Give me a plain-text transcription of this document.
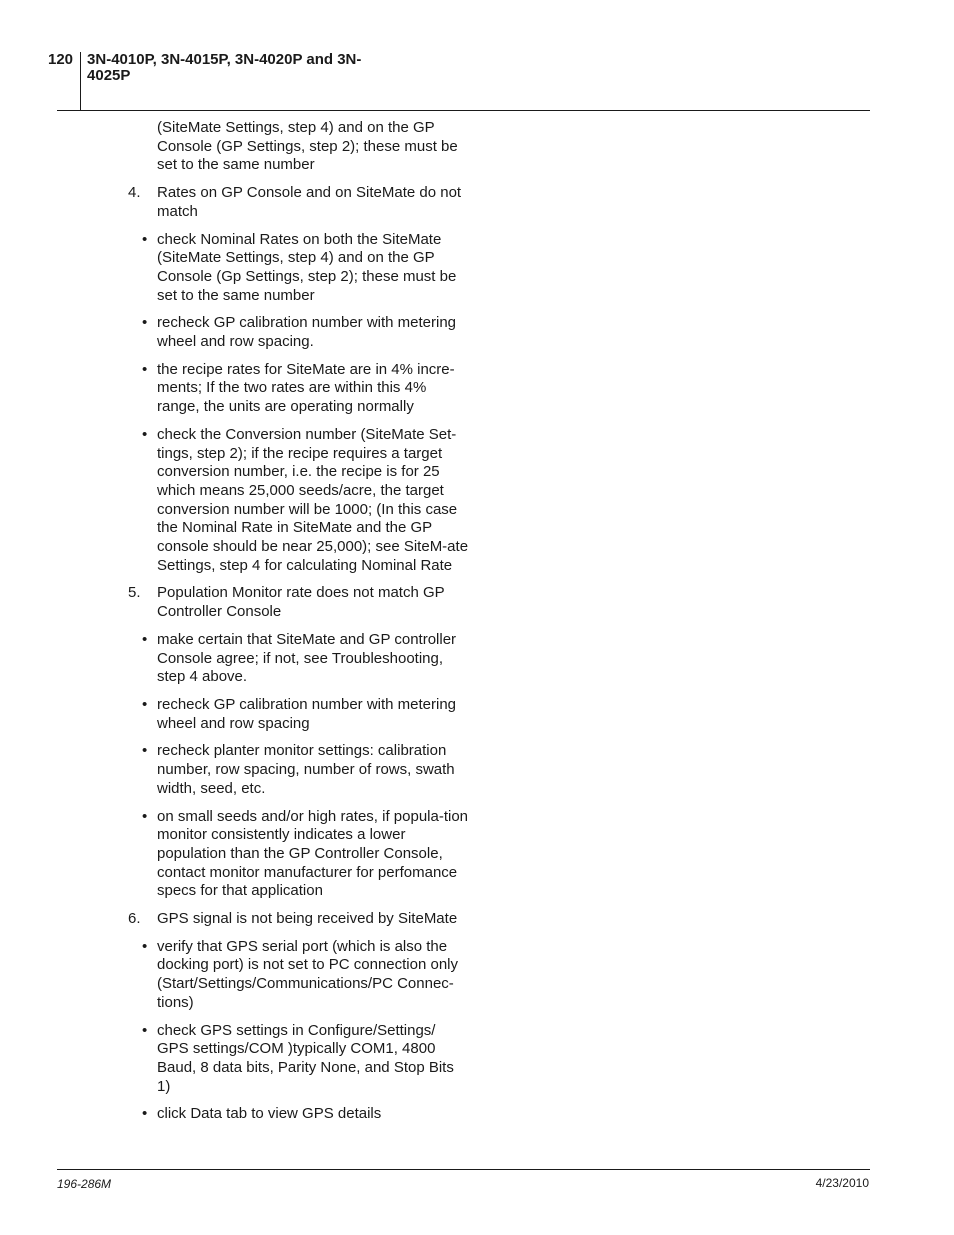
120 3N-4010P, 3N-4015P, 3N-4020P and 3N-4025P

(SiteMate Settings, step 4) and on the GP Console (GP Settings, step 2); these must be set to the same number

4.	Rates on GP Console and on SiteMate do not match
• check Nominal Rates on both the SiteMate (SiteMate Settings, step 4) and on the GP Console (Gp Settings, step 2); these must be set to the same number
• recheck GP calibration number with metering wheel and row spacing.
• the recipe rates for SiteMate are in 4% incre-ments; If the two rates are within this 4% range, the units are operating normally
• check the Conversion number (SiteMate Set-tings, step 2); if the recipe requires a target conversion number, i.e. the recipe is for 25 which means 25,000 seeds/acre, the target conversion number will be 1000; (In this case the Nominal Rate in SiteMate and the GP console should be near 25,000); see SiteM-ate Settings, step 4 for calculating Nominal Rate
5.	Population Monitor rate does not match GP Controller Console
• make certain that SiteMate and GP controller Console agree; if not, see Troubleshooting, step 4 above.
• recheck GP calibration number with metering wheel and row spacing
• recheck planter monitor settings: calibration number, row spacing, number of rows, swath width, seed, etc.
• on small seeds and/or high rates, if popula-tion monitor consistently indicates a lower population than the GP Controller Console, contact monitor manufacturer for perfomance specs for that application
6.	GPS signal is not being received by SiteMate
• verify that GPS serial port (which is also the docking port) is not set to PC connection only (Start/Settings/Communications/PC Connec-tions)
• check GPS settings in Configure/Settings/ GPS settings/COM )typically COM1, 4800 Baud, 8 data bits, Parity None, and Stop Bits 1)
• click Data tab to view GPS details
196-286M	4/23/2010
